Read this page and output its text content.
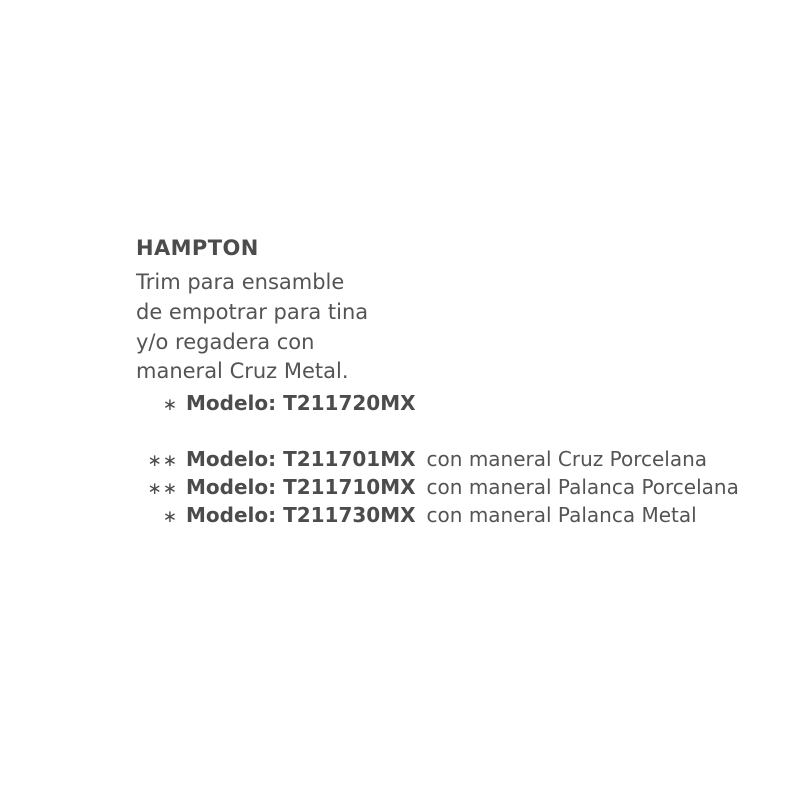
HAMPTON
Trim para ensamble
de empotrar para tina
y/o regadera con
maneral Cruz Metal.
∗ Modelo: T211720MX
∗∗ Modelo: T211701MX con maneral Cruz Porcelana
∗∗ Modelo: T211710MX con maneral Palanca Porcelana
∗ Modelo: T211730MX con maneral Palanca Metal
